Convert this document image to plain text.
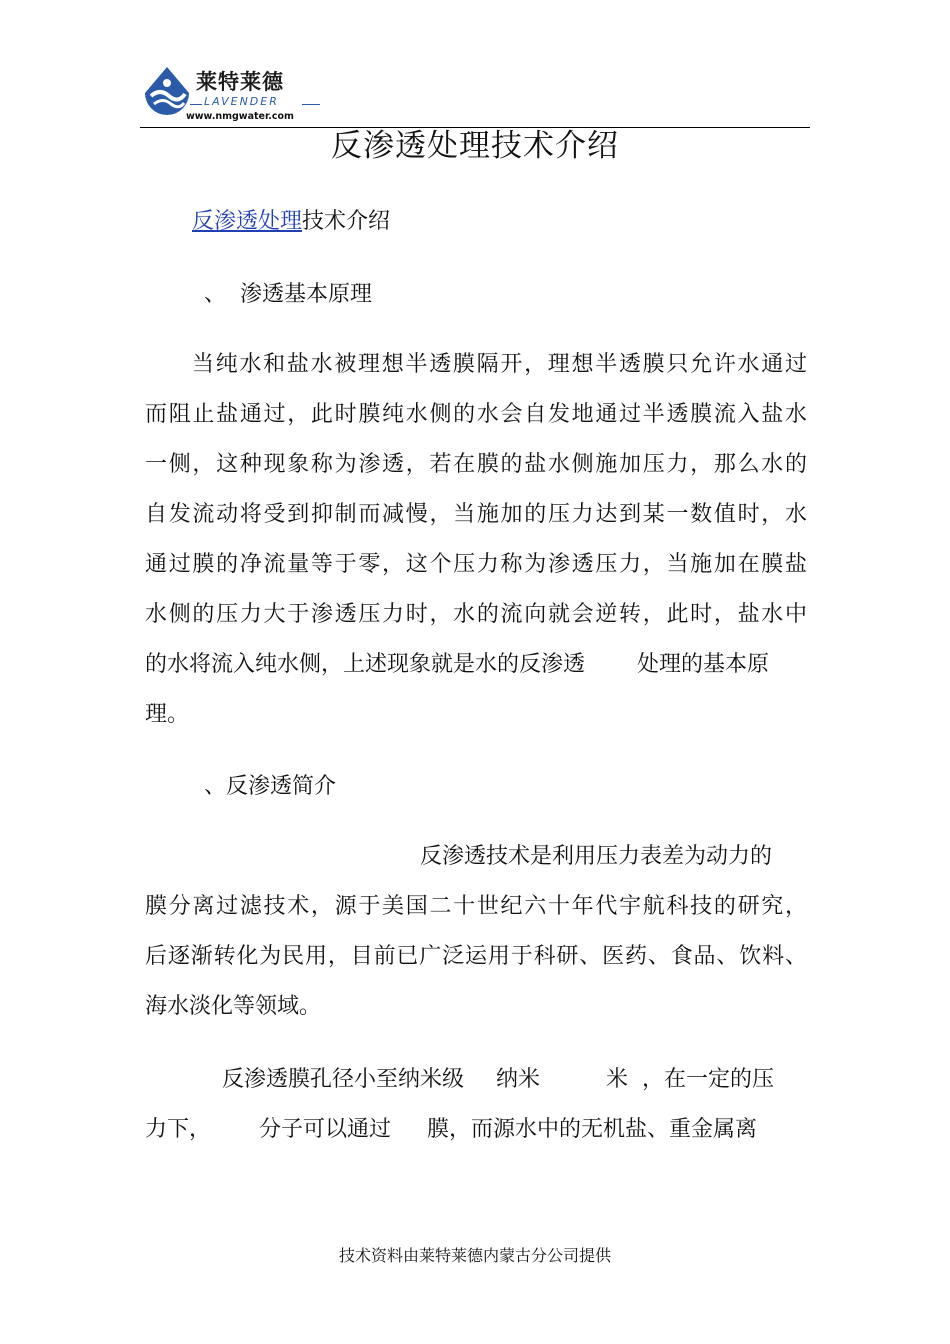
莱特莱德
LAVENDER
www.nmgwater.com
反渗透处理技术介绍
反渗透处理技术介绍
、 渗透基本原理
当纯水和盐水被理想半透膜隔开，理想半透膜只允许水通过
而阻止盐通过，此时膜纯水侧的水会自发地通过半透膜流入盐水
一侧，这种现象称为渗透，若在膜的盐水侧施加压力，那么水的
自发流动将受到抑制而减慢，当施加的压力达到某一数值时，水
通过膜的净流量等于零，这个压力称为渗透压力，当施加在膜盐
水侧的压力大于渗透压力时，水的流向就会逆转，此时，盐水中
的水将流入纯水侧，上述现象就是水的反渗透 处理的基本原
理。
、反渗透简介
反渗透技术是利用压力表差为动力的
膜分离过滤技术，源于美国二十世纪六十年代宇航科技的研究，
后逐渐转化为民用，目前已广泛运用于科研、医药、食品、饮料、
海水淡化等领域。
反渗透膜孔径小至纳米级 纳米	米 ，在一定的压
力下， 分子可以通过 膜，而源水中的无机盐、重金属离
技术资料由莱特莱德内蒙古分公司提供
